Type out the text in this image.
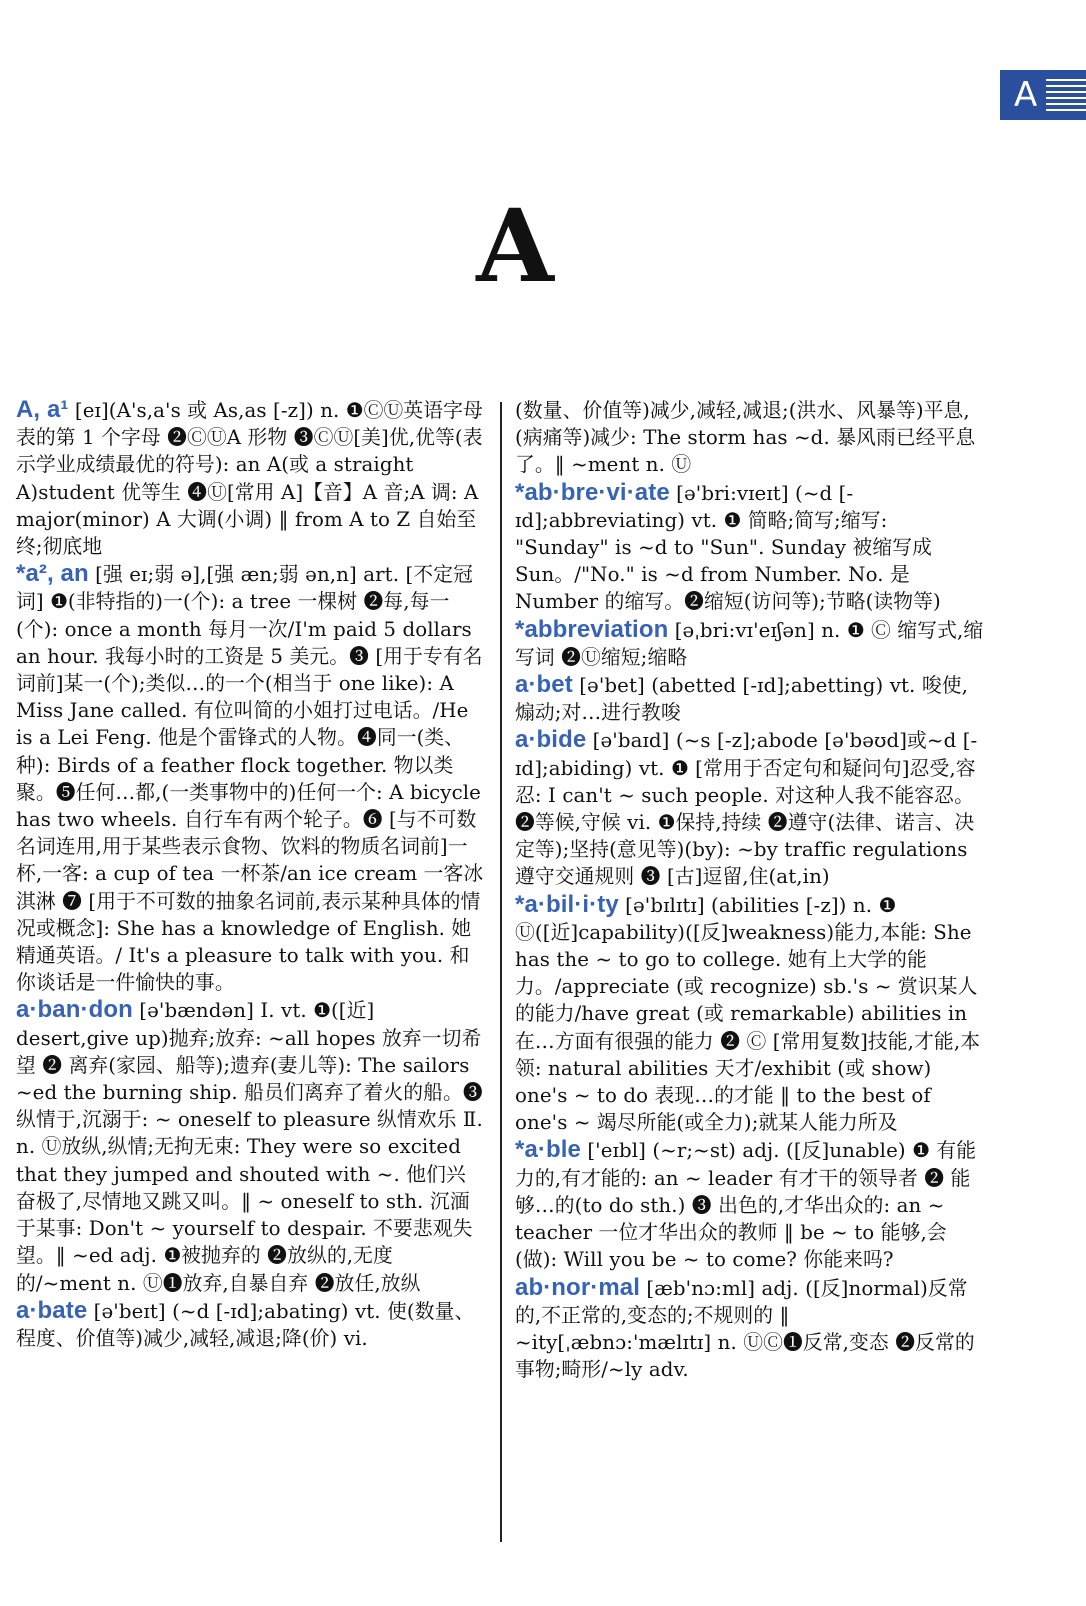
A
A

A, a¹ [eɪ](A's,a's 或 As,as [-z]) n. ❶ⒸⓊ英语字母表的第 1 个字母 ❷ⒸⓊA 形物 ❸ⒸⓊ[美]优,优等(表示学业成绩最优的符号): an A(或 a straight A)student 优等生 ❹Ⓤ[常用 A]【音】A 音;A 调: A major(minor) A 大调(小调) ‖ from A to Z 自始至终;彻底地

*a², an [强 eɪ;弱 ə],[强 æn;弱 ən,n] art. [不定冠词] ❶(非特指的)一(个): a tree 一棵树 ❷每,每一(个): once a month 每月一次/I'm paid 5 dollars an hour. 我每小时的工资是 5 美元。❸ [用于专有名词前]某一(个);类似…的一个(相当于 one like): A Miss Jane called. 有位叫简的小姐打过电话。/He is a Lei Feng. 他是个雷锋式的人物。❹同一(类、种): Birds of a feather flock together. 物以类聚。❺任何…都,(一类事物中的)任何一个: A bicycle has two wheels. 自行车有两个轮子。❻ [与不可数名词连用,用于某些表示食物、饮料的物质名词前]一杯,一客: a cup of tea 一杯茶/an ice cream 一客冰淇淋 ❼ [用于不可数的抽象名词前,表示某种具体的情况或概念]: She has a knowledge of English. 她精通英语。/ It's a pleasure to talk with you. 和你谈话是一件愉快的事。

a·ban·don [ə'bændən] Ⅰ. vt. ❶([近] desert,give up)抛弃;放弃: ~all hopes 放弃一切希望 ❷ 离弃(家园、船等);遗弃(妻儿等): The sailors ~ed the burning ship. 船员们离弃了着火的船。❸纵情于,沉溺于: ~ oneself to pleasure 纵情欢乐 Ⅱ. n. Ⓤ放纵,纵情;无拘无束: They were so excited that they jumped and shouted with ~. 他们兴奋极了,尽情地又跳又叫。‖ ~ oneself to sth. 沉湎于某事: Don't ~ yourself to despair. 不要悲观失望。‖ ~ed adj. ❶被抛弃的 ❷放纵的,无度的/~ment n. Ⓤ❶放弃,自暴自弃 ❷放任,放纵

a·bate [ə'beɪt] (~d [-ɪd];abating) vt. 使(数量、程度、价值等)减少,减轻,减退;降(价) vi.

(数量、价值等)减少,减轻,减退;(洪水、风暴等)平息,(病痛等)减少: The storm has ~d. 暴风雨已经平息了。‖ ~ment n. Ⓤ

*ab·bre·vi·ate [ə'bri:vɪeɪt] (~d [-ɪd];abbreviating) vt. ❶ 简略;简写;缩写: "Sunday" is ~d to "Sun". Sunday 被缩写成 Sun。/"No." is ~d from Number. No. 是 Number 的缩写。❷缩短(访问等);节略(读物等)

*abbreviation [əˌbri:vɪ'eɪʃən] n. ❶ Ⓒ 缩写式,缩写词 ❷Ⓤ缩短;缩略

a·bet [ə'bet] (abetted [-ɪd];abetting) vt. 唆使,煽动;对…进行教唆

a·bide [ə'baɪd] (~s [-z];abode [ə'bəʊd]或~d [-ɪd];abiding) vt. ❶ [常用于否定句和疑问句]忍受,容忍: I can't ~ such people. 对这种人我不能容忍。❷等候,守候 vi. ❶保持,持续 ❷遵守(法律、诺言、决定等);坚持(意见等)(by): ~by traffic regulations 遵守交通规则 ❸ [古]逗留,住(at,in)

*a·bil·i·ty [ə'bɪlɪtɪ] (abilities [-z]) n. ❶ Ⓤ([近]capability)([反]weakness)能力,本能: She has the ~ to go to college. 她有上大学的能力。/appreciate (或 recognize) sb.'s ~ 赏识某人的能力/have great (或 remarkable) abilities in 在…方面有很强的能力 ❷ Ⓒ [常用复数]技能,才能,本领: natural abilities 天才/exhibit (或 show) one's ~ to do 表现…的才能 ‖ to the best of one's ~ 竭尽所能(或全力);就某人能力所及

*a·ble ['eɪbl] (~r;~st) adj. ([反]unable) ❶ 有能力的,有才能的: an ~ leader 有才干的领导者 ❷ 能够…的(to do sth.) ❸ 出色的,才华出众的: an ~ teacher 一位才华出众的教师 ‖ be ~ to 能够,会(做): Will you be ~ to come? 你能来吗?

ab·nor·mal [æb'nɔ:ml] adj. ([反]normal)反常的,不正常的,变态的;不规则的 ‖ ~ity[ˌæbnɔ:'mælɪtɪ] n. ⓊⒸ❶反常,变态 ❷反常的事物;畸形/~ly adv.
